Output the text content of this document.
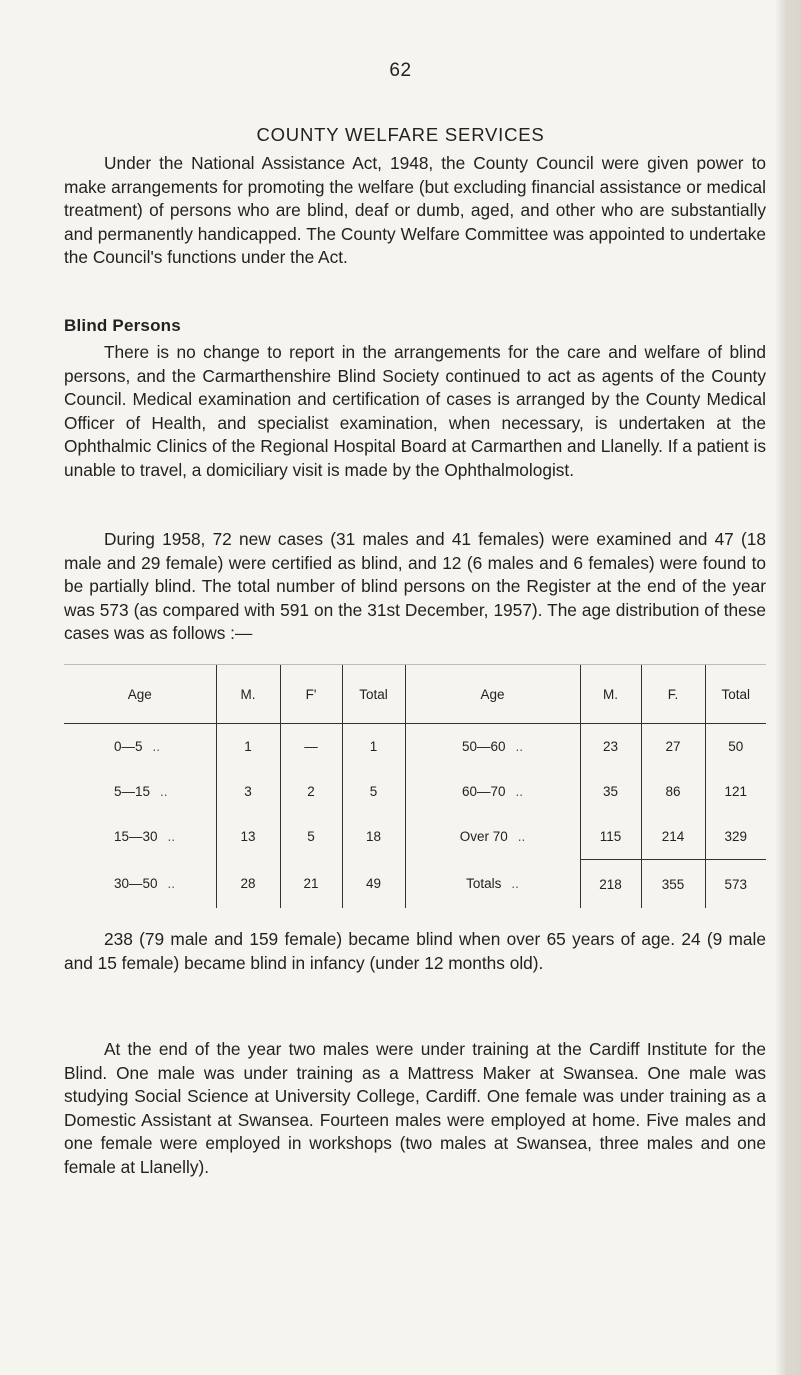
62
COUNTY WELFARE SERVICES

Under the National Assistance Act, 1948, the County Council were given power to make arrangements for promoting the welfare (but excluding financial assistance or medical treatment) of persons who are blind, deaf or dumb, aged, and other who are substantially and permanently handicapped. The County Welfare Committee was appointed to undertake the Council's functions under the Act.

Blind Persons

There is no change to report in the arrangements for the care and welfare of blind persons, and the Carmarthenshire Blind Society continued to act as agents of the County Council. Medical examination and certification of cases is arranged by the County Medical Officer of Health, and specialist examination, when necessary, is undertaken at the Ophthalmic Clinics of the Regional Hospital Board at Carmarthen and Llanelly. If a patient is unable to travel, a domiciliary visit is made by the Ophthalmologist.

During 1958, 72 new cases (31 males and 41 females) were examined and 47 (18 male and 29 female) were certified as blind, and 12 (6 males and 6 females) were found to be partially blind. The total number of blind persons on the Register at the end of the year was 573 (as compared with 591 on the 31st December, 1957). The age distribution of these cases was as follows :—

Age	M.	F'	Total	Age	M.	F.	Total
0—5 ..	1	—	1	50—60 ..	23	27	50
5—15 ..	3	2	5	60—70 ..	35	86	121
15—30 ..	13	5	18	Over 70 ..	115	214	329
30—50 ..	28	21	49	Totals ..	218	355	573

238 (79 male and 159 female) became blind when over 65 years of age. 24 (9 male and 15 female) became blind in infancy (under 12 months old).

At the end of the year two males were under training at the Cardiff Institute for the Blind. One male was under training as a Mattress Maker at Swansea. One male was studying Social Science at University College, Cardiff. One female was under training as a Domestic Assistant at Swansea. Fourteen males were employed at home. Five males and one female were employed in workshops (two males at Swansea, three males and one female at Llanelly).
